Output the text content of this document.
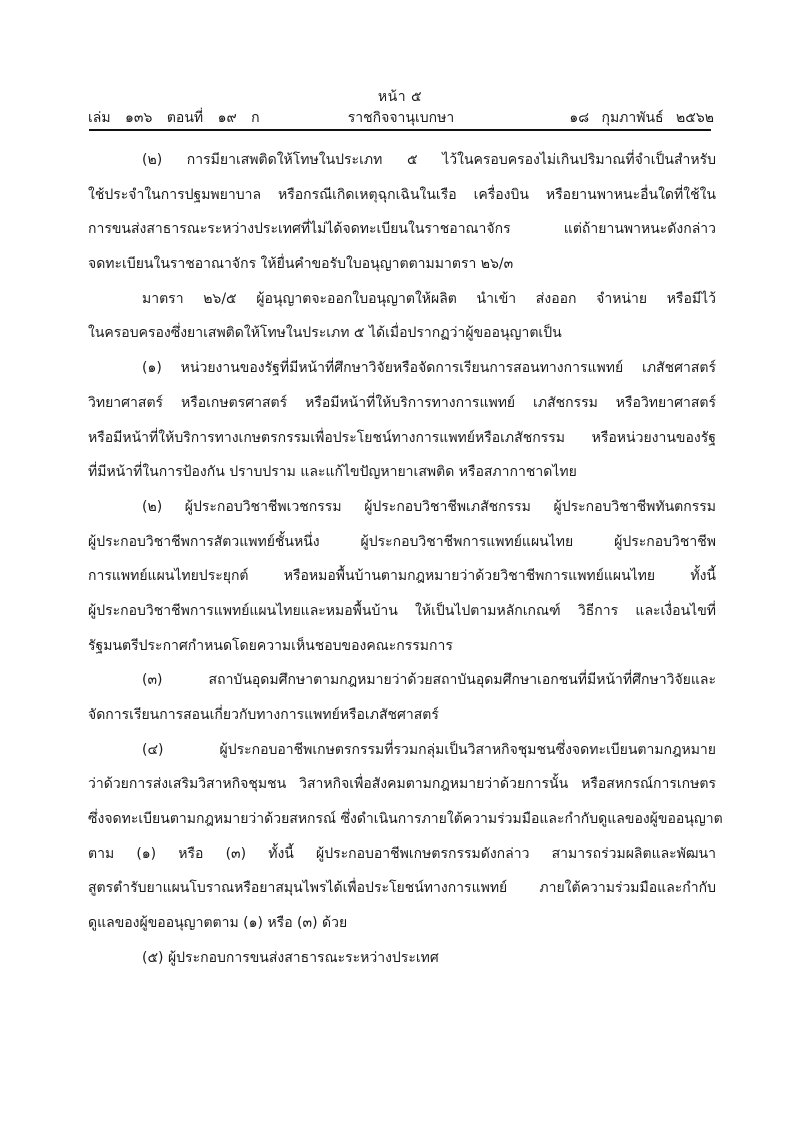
หน้า ๕
เล่ม ๑๓๖ ตอนที่ ๑๙ ก	ราชกิจจานุเบกษา	๑๘ กุมภาพันธ์ ๒๕๖๒
(๒) การมียาเสพติดให้โทษในประเภท ๕ ไว้ในครอบครองไม่เกินปริมาณที่จำเป็นสำหรับ
ใช้ประจำในการปฐมพยาบาล หรือกรณีเกิดเหตุฉุกเฉินในเรือ เครื่องบิน หรือยานพาหนะอื่นใดที่ใช้ใน
การขนส่งสาธารณะระหว่างประเทศที่ไม่ได้จดทะเบียนในราชอาณาจักร แต่ถ้ายานพาหนะดังกล่าว
จดทะเบียนในราชอาณาจักร ให้ยื่นคำขอรับใบอนุญาตตามมาตรา ๒๖/๓
มาตรา ๒๖/๕ ผู้อนุญาตจะออกใบอนุญาตให้ผลิต นำเข้า ส่งออก จำหน่าย หรือมีไว้
ในครอบครองซึ่งยาเสพติดให้โทษในประเภท ๕ ได้เมื่อปรากฏว่าผู้ขออนุญาตเป็น
(๑) หน่วยงานของรัฐที่มีหน้าที่ศึกษาวิจัยหรือจัดการเรียนการสอนทางการแพทย์ เภสัชศาสตร์
วิทยาศาสตร์ หรือเกษตรศาสตร์ หรือมีหน้าที่ให้บริการทางการแพทย์ เภสัชกรรม หรือวิทยาศาสตร์
หรือมีหน้าที่ให้บริการทางเกษตรกรรมเพื่อประโยชน์ทางการแพทย์หรือเภสัชกรรม หรือหน่วยงานของรัฐ
ที่มีหน้าที่ในการป้องกัน ปราบปราม และแก้ไขปัญหายาเสพติด หรือสภากาชาดไทย
(๒) ผู้ประกอบวิชาชีพเวชกรรม ผู้ประกอบวิชาชีพเภสัชกรรม ผู้ประกอบวิชาชีพทันตกรรม
ผู้ประกอบวิชาชีพการสัตวแพทย์ชั้นหนึ่ง ผู้ประกอบวิชาชีพการแพทย์แผนไทย ผู้ประกอบวิชาชีพ
การแพทย์แผนไทยประยุกต์ หรือหมอพื้นบ้านตามกฎหมายว่าด้วยวิชาชีพการแพทย์แผนไทย ทั้งนี้
ผู้ประกอบวิชาชีพการแพทย์แผนไทยและหมอพื้นบ้าน ให้เป็นไปตามหลักเกณฑ์ วิธีการ และเงื่อนไขที่
รัฐมนตรีประกาศกำหนดโดยความเห็นชอบของคณะกรรมการ
(๓) สถาบันอุดมศึกษาตามกฎหมายว่าด้วยสถาบันอุดมศึกษาเอกชนที่มีหน้าที่ศึกษาวิจัยและ
จัดการเรียนการสอนเกี่ยวกับทางการแพทย์หรือเภสัชศาสตร์
(๔) ผู้ประกอบอาชีพเกษตรกรรมที่รวมกลุ่มเป็นวิสาหกิจชุมชนซึ่งจดทะเบียนตามกฎหมาย
ว่าด้วยการส่งเสริมวิสาหกิจชุมชน วิสาหกิจเพื่อสังคมตามกฎหมายว่าด้วยการนั้น หรือสหกรณ์การเกษตร
ซึ่งจดทะเบียนตามกฎหมายว่าด้วยสหกรณ์ ซึ่งดำเนินการภายใต้ความร่วมมือและกำกับดูแลของผู้ขออนุญาต
ตาม (๑) หรือ (๓) ทั้งนี้ ผู้ประกอบอาชีพเกษตรกรรมดังกล่าว สามารถร่วมผลิตและพัฒนา
สูตรตำรับยาแผนโบราณหรือยาสมุนไพรได้เพื่อประโยชน์ทางการแพทย์ ภายใต้ความร่วมมือและกำกับ
ดูแลของผู้ขออนุญาตตาม (๑) หรือ (๓) ด้วย
(๕) ผู้ประกอบการขนส่งสาธารณะระหว่างประเทศ
